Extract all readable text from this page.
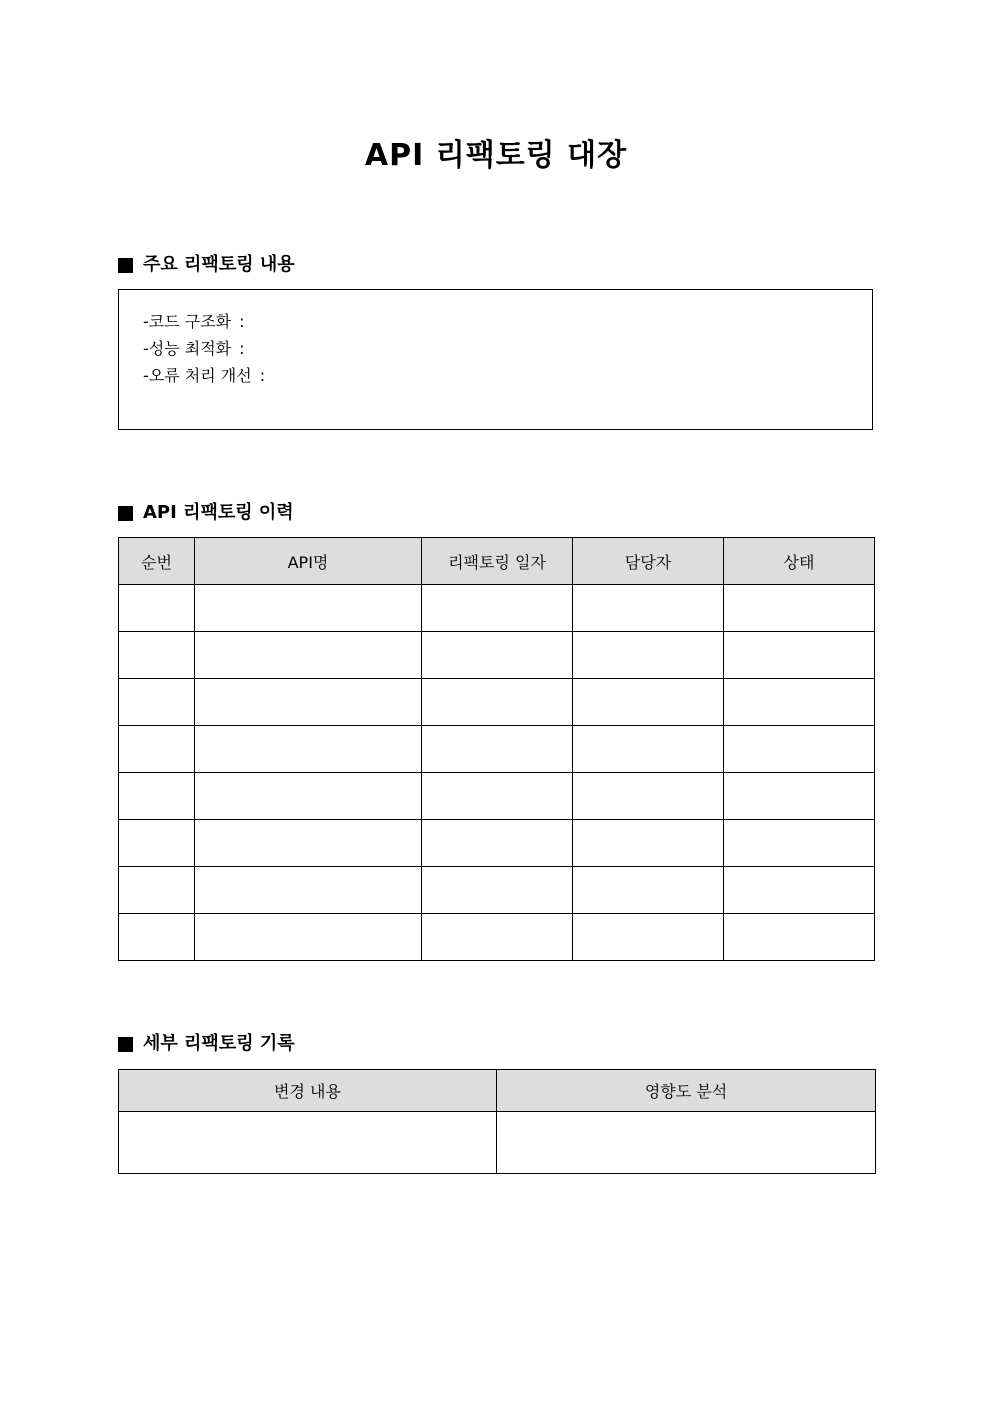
API 리팩토링 대장
주요 리팩토링 내용
-코드 구조화 :
-성능 최적화 :
-오류 처리 개선 :
API 리팩토링 이력
순번	API명	리팩토링 일자	담당자	상태

세부 리팩토링 기록
변경 내용	영향도 분석
